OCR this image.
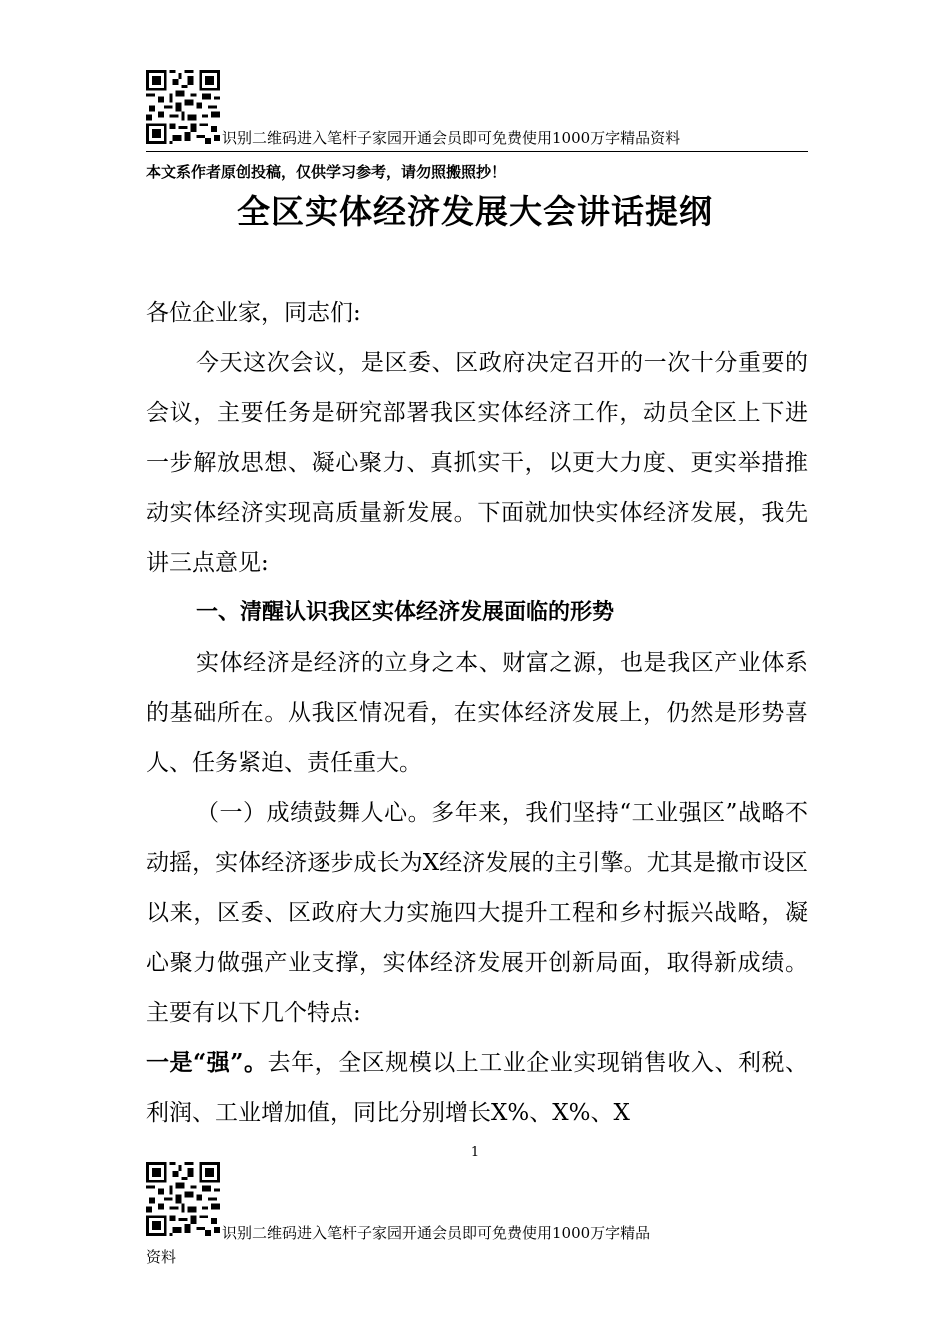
识别二维码进入笔杆子家园开通会员即可免费使用1000万字精品资料
本文系作者原创投稿，仅供学习参考，请勿照搬照抄！
全区实体经济发展大会讲话提纲

各位企业家，同志们:

今天这次会议，是区委、区政府决定召开的一次十分重要的会议，主要任务是研究部署我区实体经济工作，动员全区上下进一步解放思想、凝心聚力、真抓实干，以更大力度、更实举措推动实体经济实现高质量新发展。下面就加快实体经济发展，我先讲三点意见:

一、清醒认识我区实体经济发展面临的形势

实体经济是经济的立身之本、财富之源，也是我区产业体系的基础所在。从我区情况看，在实体经济发展上，仍然是形势喜人、任务紧迫、责任重大。

（一）成绩鼓舞人心。多年来，我们坚持“工业强区”战略不动摇，实体经济逐步成长为X经济发展的主引擎。尤其是撤市设区以来，区委、区政府大力实施四大提升工程和乡村振兴战略，凝心聚力做强产业支撑，实体经济发展开创新局面，取得新成绩。主要有以下几个特点:

一是“强”。去年，全区规模以上工业企业实现销售收入、利税、利润、工业增加值，同比分别增长X%、X%、X

1
识别二维码进入笔杆子家园开通会员即可免费使用1000万字精品
资料
